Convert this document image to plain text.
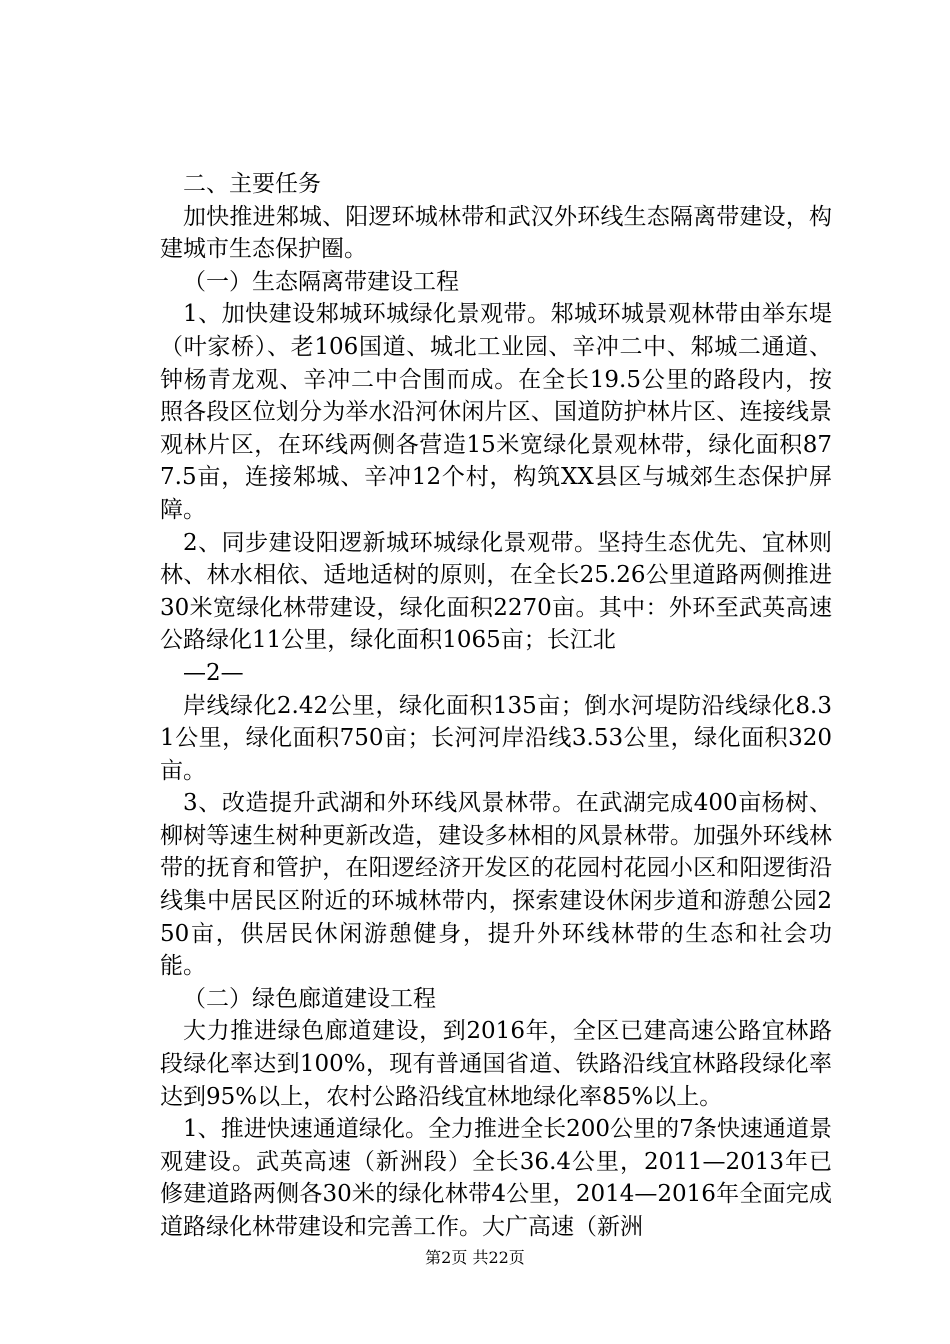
二、主要任务

加快推进邾城、阳逻环城林带和武汉外环线生态隔离带建设，构建城市生态保护圈。

（一）生态隔离带建设工程

1、加快建设邾城环城绿化景观带。邾城环城景观林带由举东堤（叶家桥）、老106国道、城北工业园、辛冲二中、邾城二通道、钟杨青龙观、辛冲二中合围而成。在全长19.5公里的路段内，按照各段区位划分为举水沿河休闲片区、国道防护林片区、连接线景观林片区，在环线两侧各营造15米宽绿化景观林带，绿化面积877.5亩，连接邾城、辛冲12个村，构筑XX县区与城郊生态保护屏障。

2、同步建设阳逻新城环城绿化景观带。坚持生态优先、宜林则林、林水相依、适地适树的原则，在全长25.26公里道路两侧推进30米宽绿化林带建设，绿化面积2270亩。其中：外环至武英高速公路绿化11公里，绿化面积1065亩；长江北

—2—

岸线绿化2.42公里，绿化面积135亩；倒水河堤防沿线绿化8.31公里，绿化面积750亩；长河河岸沿线3.53公里，绿化面积320亩。

3、改造提升武湖和外环线风景林带。在武湖完成400亩杨树、柳树等速生树种更新改造，建设多林相的风景林带。加强外环线林带的抚育和管护，在阳逻经济开发区的花园村花园小区和阳逻街沿线集中居民区附近的环城林带内，探索建设休闲步道和游憩公园250亩，供居民休闲游憩健身，提升外环线林带的生态和社会功能。

（二）绿色廊道建设工程

大力推进绿色廊道建设，到2016年，全区已建高速公路宜林路段绿化率达到100%，现有普通国省道、铁路沿线宜林路段绿化率达到95%以上，农村公路沿线宜林地绿化率85%以上。

1、推进快速通道绿化。全力推进全长200公里的7条快速通道景观建设。武英高速（新洲段）全长36.4公里，2011—2013年已修建道路两侧各30米的绿化林带4公里，2014—2016年全面完成道路绿化林带建设和完善工作。大广高速（新洲

第2页 共22页
